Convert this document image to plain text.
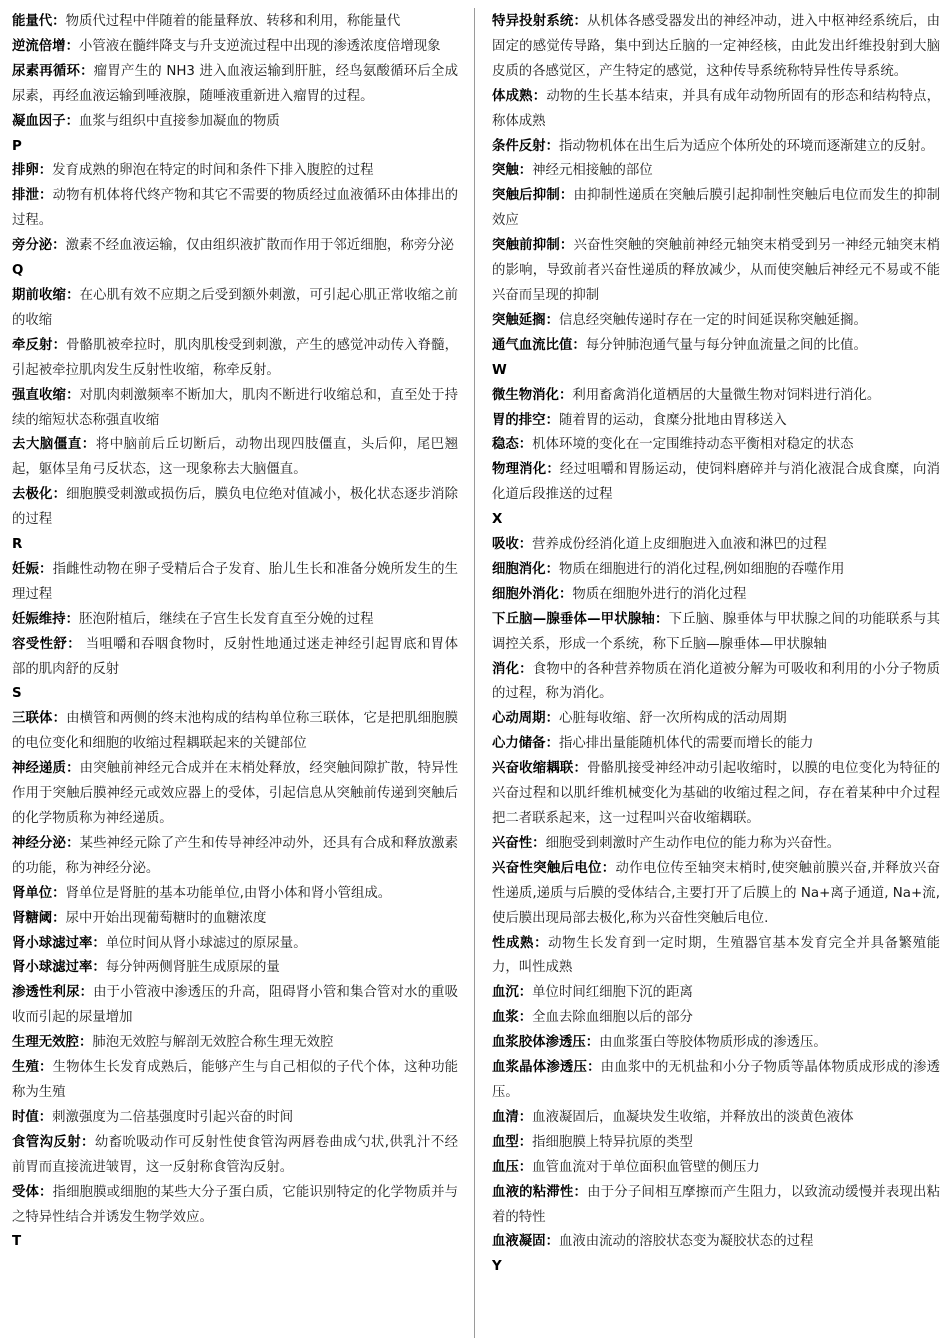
能量代：物质代过程中伴随着的能量释放、转移和利用，称能量代

逆流倍增：小管液在髓绊降支与升支逆流过程中出现的渗透浓度倍增现象

尿素再循环：瘤胃产生的 NH3 进入血液运输到肝脏，经鸟氨酸循环后全成尿素，再经血液运输到唾液腺，随唾液重新进入瘤胃的过程。

凝血因子：血浆与组织中直接参加凝血的物质

P

排卵：发育成熟的卵泡在特定的时间和条件下排入腹腔的过程

排泄：动物有机体将代终产物和其它不需要的物质经过血液循环由体排出的过程。

旁分泌：激素不经血液运输，仅由组织液扩散而作用于邻近细胞，称旁分泌

Q

期前收缩：在心肌有效不应期之后受到额外刺激，可引起心肌正常收缩之前的收缩

牵反射：骨骼肌被牵拉时，肌肉肌梭受到刺激，产生的感觉冲动传入脊髓，引起被牵拉肌肉发生反射性收缩，称牵反射。

强直收缩：对肌肉刺激频率不断加大，肌肉不断进行收缩总和，直至处于持续的缩短状态称强直收缩

去大脑僵直：将中脑前后丘切断后，动物出现四肢僵直，头后仰，尾巴翘起，躯体呈角弓反状态，这一现象称去大脑僵直。

去极化：细胞膜受刺激或损伤后，膜负电位绝对值减小，极化状态逐步消除的过程

R

妊娠：指雌性动物在卵子受精后合子发育、胎儿生长和准备分娩所发生的生理过程

妊娠维持：胚泡附植后，继续在子宫生长发育直至分娩的过程

容受性舒： 当咀嚼和吞咽食物时，反射性地通过迷走神经引起胃底和胃体部的肌肉舒的反射

S

三联体：由横管和两侧的终末池构成的结构单位称三联体，它是把肌细胞膜的电位变化和细胞的收缩过程耦联起来的关键部位

神经递质：由突触前神经元合成并在末梢处释放，经突触间隙扩散，特异性作用于突触后膜神经元或效应器上的受体，引起信息从突触前传递到突触后的化学物质称为神经递质。

神经分泌：某些神经元除了产生和传导神经冲动外，还具有合成和释放激素的功能，称为神经分泌。

肾单位：肾单位是肾脏的基本功能单位,由肾小体和肾小管组成。

肾糖阈：尿中开始出现葡萄糖时的血糖浓度

肾小球滤过率：单位时间从肾小球滤过的原尿量。

肾小球滤过率：每分钟两侧肾脏生成原尿的量

渗透性利尿：由于小管液中渗透压的升高，阻碍肾小管和集合管对水的重吸收而引起的尿量增加

生理无效腔：肺泡无效腔与解剖无效腔合称生理无效腔

生殖：生物体生长发育成熟后，能够产生与自己相似的子代个体，这种功能称为生殖

时值：刺激强度为二倍基强度时引起兴奋的时间

食管沟反射：幼畜吮吸动作可反射性使食管沟两唇卷曲成勺状,供乳汁不经前胃而直接流进皱胃，这一反射称食管沟反射。

受体：指细胞膜或细胞的某些大分子蛋白质，它能识别特定的化学物质并与之特异性结合并诱发生物学效应。

T

特异投射系统：从机体各感受器发出的神经冲动，进入中枢神经系统后，由固定的感觉传导路，集中到达丘脑的一定神经核，由此发出纤维投射到大脑皮质的各感觉区，产生特定的感觉，这种传导系统称特异性传导系统。

体成熟：动物的生长基本结束，并具有成年动物所固有的形态和结构特点，称体成熟

条件反射：指动物机体在出生后为适应个体所处的环境而逐渐建立的反射。

突触：神经元相接触的部位

突触后抑制：由抑制性递质在突触后膜引起抑制性突触后电位而发生的抑制效应

突触前抑制：兴奋性突触的突触前神经元轴突末梢受到另一神经元轴突末梢的影响，导致前者兴奋性递质的释放减少，从而使突触后神经元不易或不能兴奋而呈现的抑制

突触延搁：信息经突触传递时存在一定的时间延误称突触延搁。

通气血流比值：每分钟肺泡通气量与每分钟血流量之间的比值。

W

微生物消化：利用畜禽消化道栖居的大量微生物对饲料进行消化。

胃的排空：随着胃的运动，食糜分批地由胃移送入

稳态：机体环境的变化在一定围维持动态平衡相对稳定的状态

物理消化：经过咀嚼和胃肠运动，使饲料磨碎并与消化液混合成食糜，向消化道后段推送的过程

X

吸收：营养成份经消化道上皮细胞进入血液和淋巴的过程

细胞消化：物质在细胞进行的消化过程,例如细胞的吞噬作用

细胞外消化：物质在细胞外进行的消化过程

下丘脑—腺垂体—甲状腺轴：下丘脑、腺垂体与甲状腺之间的功能联系与其调控关系，形成一个系统，称下丘脑—腺垂体—甲状腺轴

消化：食物中的各种营养物质在消化道被分解为可吸收和利用的小分子物质的过程，称为消化。

心动周期：心脏每收缩、舒一次所构成的活动周期

心力储备：指心排出量能随机体代的需要而增长的能力

兴奋收缩耦联：骨骼肌接受神经冲动引起收缩时，以膜的电位变化为特征的兴奋过程和以肌纤维机械变化为基础的收缩过程之间，存在着某种中介过程把二者联系起来，这一过程叫兴奋收缩耦联。

兴奋性：细胞受到刺激时产生动作电位的能力称为兴奋性。

兴奋性突触后电位：动作电位传至轴突末梢时,使突触前膜兴奋,并释放兴奋性递质,递质与后膜的受体结合,主要打开了后膜上的 Na+离子通道, Na+流,使后膜出现局部去极化,称为兴奋性突触后电位.

性成熟：动物生长发育到一定时期，生殖器官基本发育完全并具备繁殖能力，叫性成熟

血沉：单位时间红细胞下沉的距离

血浆：全血去除血细胞以后的部分

血浆胶体渗透压：由血浆蛋白等胶体物质形成的渗透压。

血浆晶体渗透压：由血浆中的无机盐和小分子物质等晶体物质成形成的渗透压。

血清：血液凝固后，血凝块发生收缩，并释放出的淡黄色液体

血型：指细胞膜上特异抗原的类型

血压：血管血流对于单位面积血管壁的侧压力

血液的粘滞性：由于分子间相互摩擦而产生阻力，以致流动缓慢并表现出粘着的特性

血液凝固：血液由流动的溶胶状态变为凝胶状态的过程

Y
